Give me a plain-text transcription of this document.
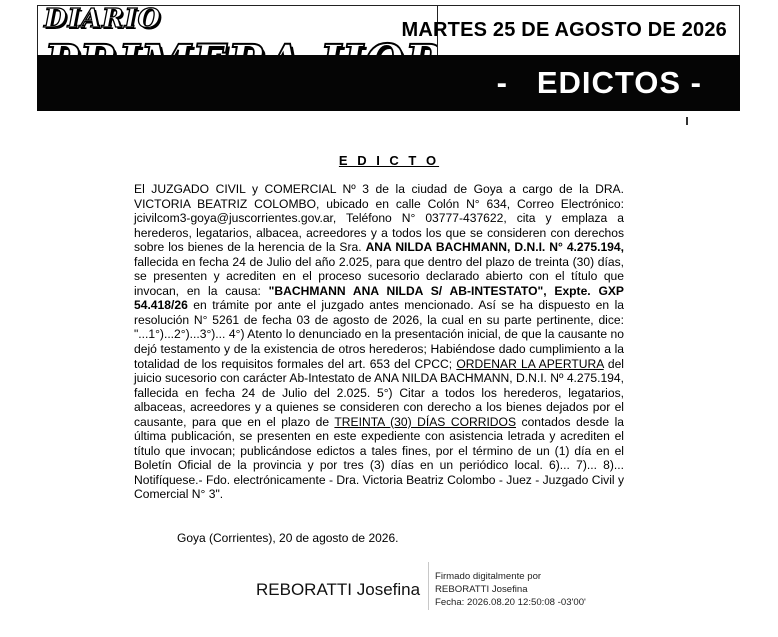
DIARIO	MARTES 25 DE AGOSTO DE 2026
-   EDICTOS -
E D I C T O

El JUZGADO CIVIL y COMERCIAL Nº 3 de la ciudad de Goya a cargo de la DRA. VICTORIA BEATRIZ COLOMBO, ubicado en calle Colón N° 634, Correo Electrónico: jcivilcom3-goya@juscorrientes.gov.ar, Teléfono N° 03777-437622, cita y emplaza a herederos, legatarios, albacea, acreedores y a todos los que se consideren con derechos sobre los bienes de la herencia de la Sra. ANA NILDA BACHMANN, D.N.I. N° 4.275.194, fallecida en fecha 24 de Julio del año 2.025, para que dentro del plazo de treinta (30) días, se presenten y acrediten en el proceso sucesorio declarado abierto con el título que invocan, en la causa: "BACHMANN ANA NILDA S/ AB-INTESTATO", Expte. GXP 54.418/26 en trámite por ante el juzgado antes mencionado. Así se ha dispuesto en la resolución N° 5261 de fecha 03 de agosto de 2026, la cual en su parte pertinente, dice: "...1°)...2°)...3°)... 4°) Atento lo denunciado en la presentación inicial, de que la causante no dejó testamento y de la existencia de otros herederos; Habiéndose dado cumplimiento a la totalidad de los requisitos formales del art. 653 del CPCC; ORDENAR LA APERTURA del juicio sucesorio con carácter Ab-Intestato de ANA NILDA BACHMANN, D.N.I. Nº 4.275.194, fallecida en fecha 24 de Julio del 2.025. 5°) Citar a todos los herederos, legatarios, albaceas, acreedores y a quienes se consideren con derecho a los bienes dejados por el causante, para que en el plazo de TREINTA (30) DÍAS CORRIDOS contados desde la última publicación, se presenten en este expediente con asistencia letrada y acrediten el título que invocan; publicándose edictos a tales fines, por el término de un (1) día en el Boletín Oficial de la provincia y por tres (3) días en un periódico local. 6)... 7)... 8)... Notifíquese.- Fdo. electrónicamente - Dra. Victoria Beatriz Colombo - Juez - Juzgado Civil y Comercial N° 3".

Goya (Corrientes), 20 de agosto de 2026.
REBORATTI Josefina
Firmado digitalmente por
REBORATTI Josefina
Fecha: 2026.08.20 12:50:08 -03'00'
